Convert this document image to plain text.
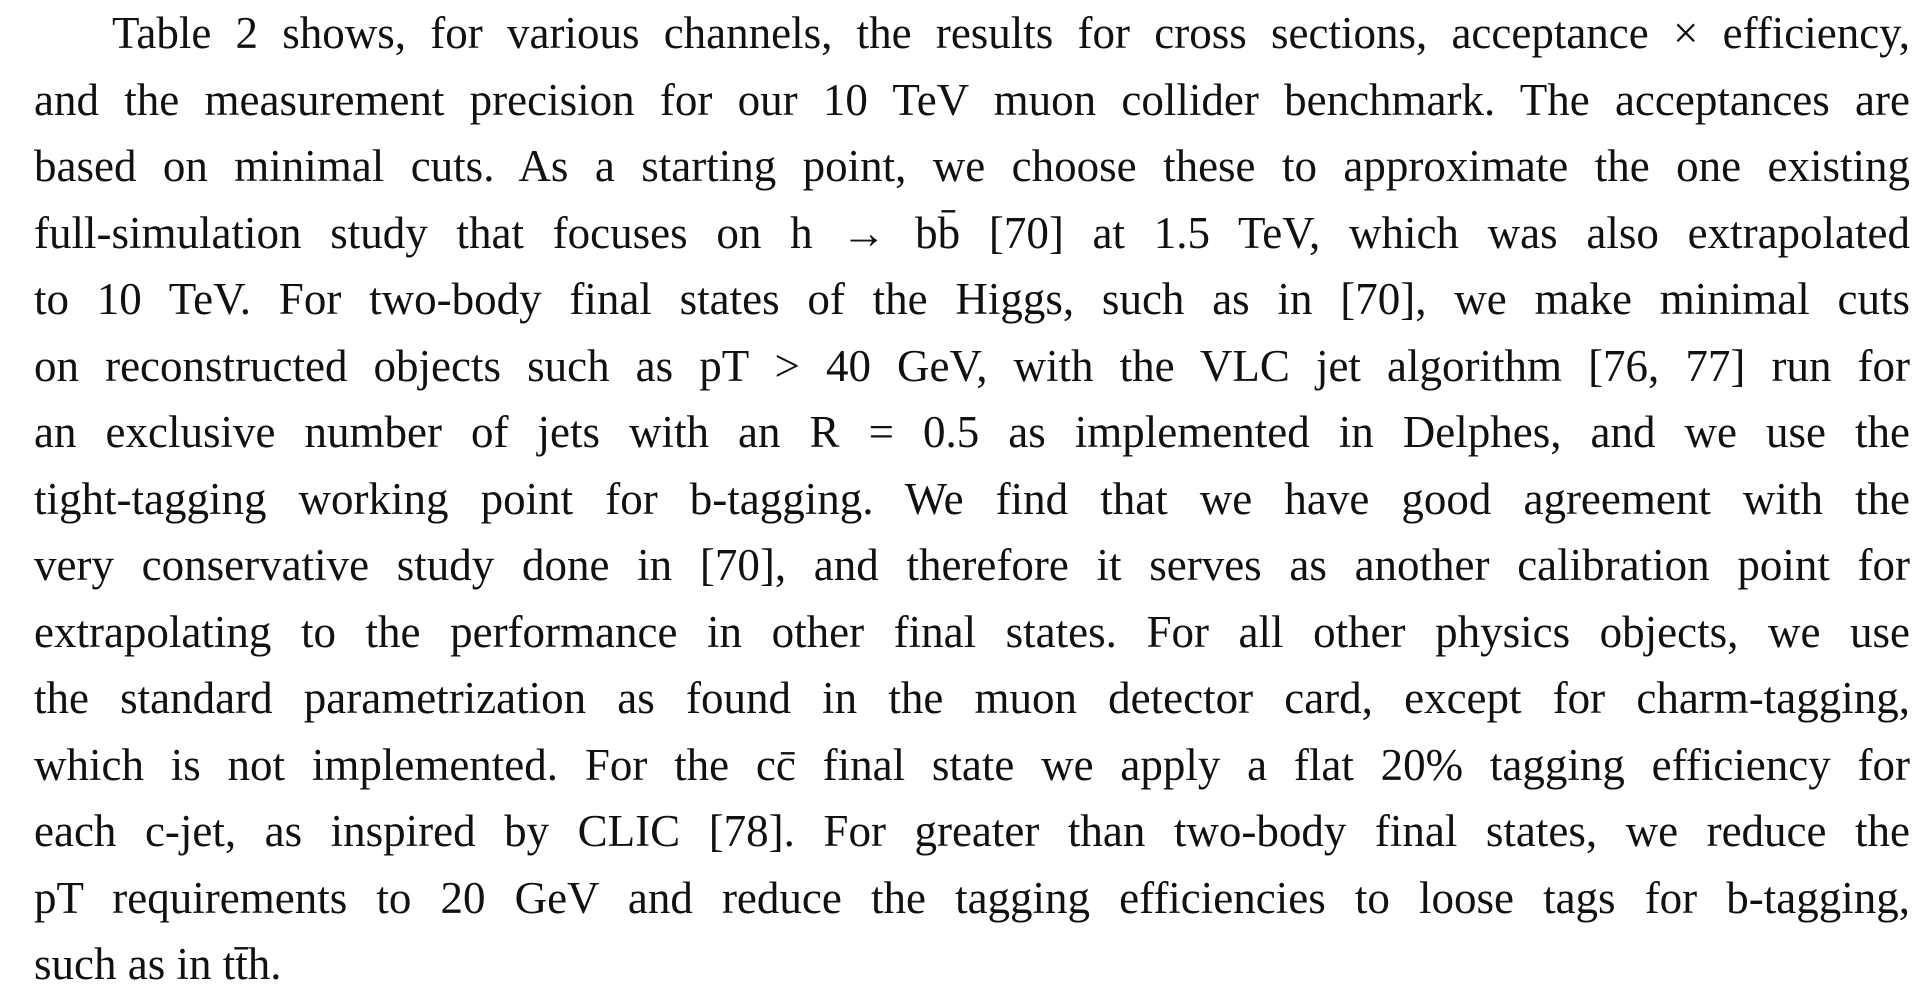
Table 2 shows, for various channels, the results for cross sections, acceptance × efficiency,
and the measurement precision for our 10 TeV muon collider benchmark. The acceptances are
based on minimal cuts. As a starting point, we choose these to approximate the one existing
full-simulation study that focuses on h → bb̄ [70] at 1.5 TeV, which was also extrapolated
to 10 TeV. For two-body final states of the Higgs, such as in [70], we make minimal cuts
on reconstructed objects such as pT > 40 GeV, with the VLC jet algorithm [76, 77] run for
an exclusive number of jets with an R = 0.5 as implemented in Delphes, and we use the
tight-tagging working point for b-tagging. We find that we have good agreement with the
very conservative study done in [70], and therefore it serves as another calibration point for
extrapolating to the performance in other final states. For all other physics objects, we use
the standard parametrization as found in the muon detector card, except for charm-tagging,
which is not implemented. For the cc̄ final state we apply a flat 20% tagging efficiency for
each c-jet, as inspired by CLIC [78]. For greater than two-body final states, we reduce the
pT requirements to 20 GeV and reduce the tagging efficiencies to loose tags for b-tagging,
such as in tt̄h.
